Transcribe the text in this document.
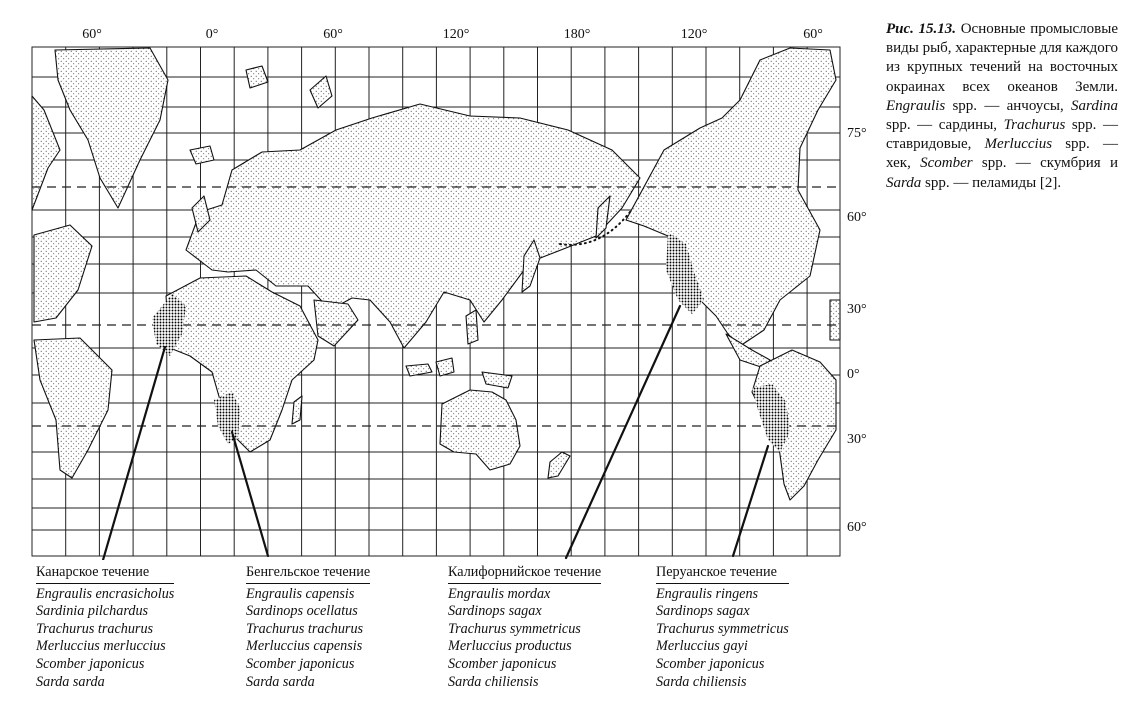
60°	0°	60°	120°	180°	120°	60°
75°
60°
30°
0°
30°
60°
Рис. 15.13. Основные промысловые виды рыб, характерные для каждого из крупных течений на восточных окраинах всех океанов Земли. Engraulis spp. — анчоусы, Sardina spp. — сардины, Trachurus spp. — ставридовые, Merluccius spp. — хек, Scomber spp. — скумбрия и Sarda spp. — пеламиды [2].
Канарское течение
Engraulis encrasicholus
Sardinia pilchardus
Trachurus trachurus
Merluccius merluccius
Scomber japonicus
Sarda sarda
Бенгельское течение
Engraulis capensis
Sardinops ocellatus
Trachurus trachurus
Merluccius capensis
Scomber japonicus
Sarda sarda
Калифорнийское течение
Engraulis mordax
Sardinops sagax
Trachurus symmetricus
Merluccius productus
Scomber japonicus
Sarda chiliensis
Перуанское течение
Engraulis ringens
Sardinops sagax
Trachurus symmetricus
Merluccius gayi
Scomber japonicus
Sarda chiliensis
